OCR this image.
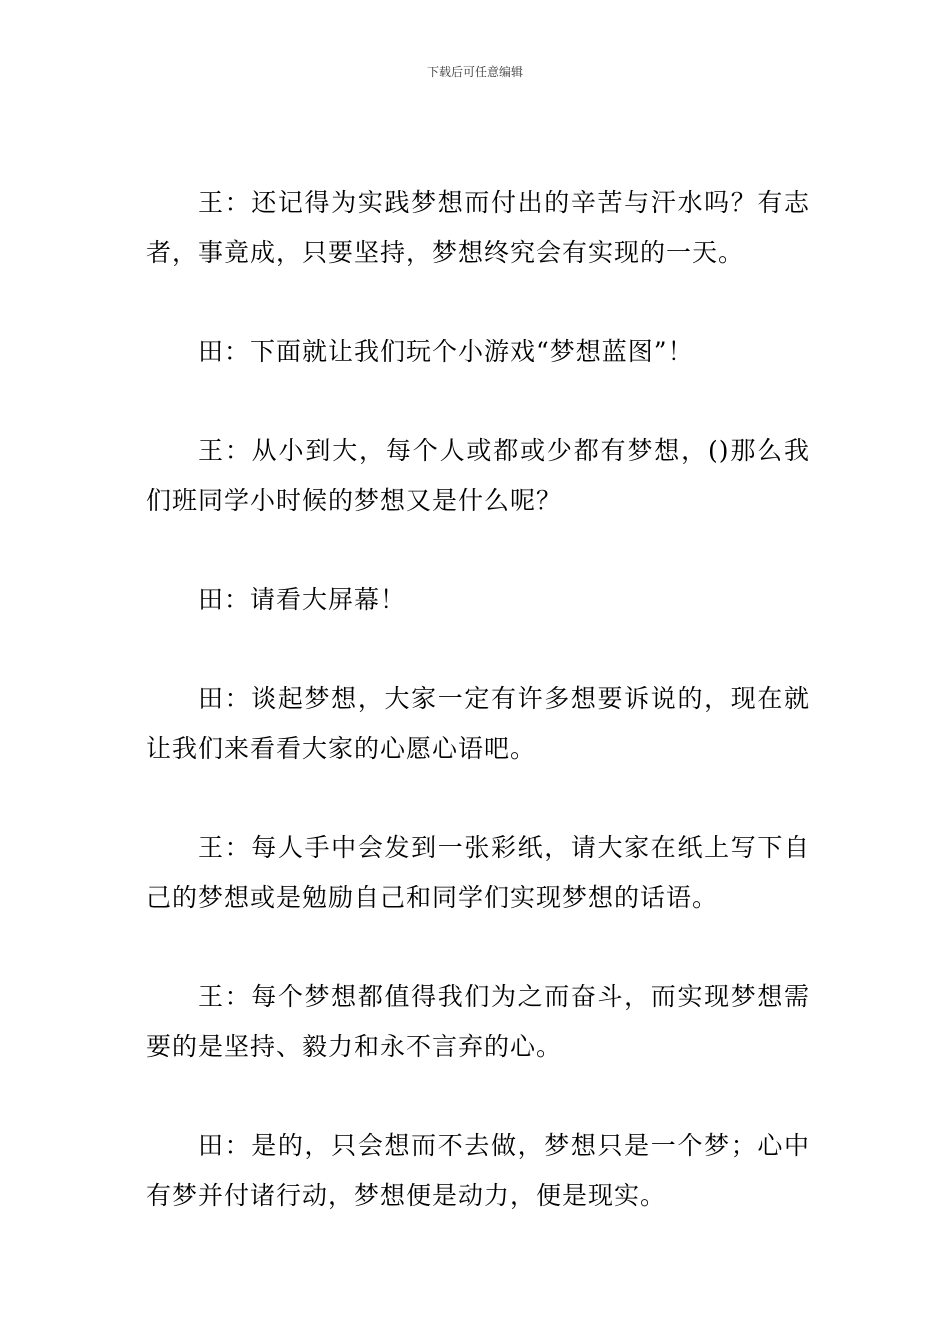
下载后可任意编辑

王：还记得为实践梦想而付出的辛苦与汗水吗？有志者，事竟成，只要坚持，梦想终究会有实现的一天。

田：下面就让我们玩个小游戏“梦想蓝图”！

王：从小到大，每个人或都或少都有梦想，()那么我们班同学小时候的梦想又是什么呢？

田：请看大屏幕！

田：谈起梦想，大家一定有许多想要诉说的，现在就让我们来看看大家的心愿心语吧。

王：每人手中会发到一张彩纸，请大家在纸上写下自己的梦想或是勉励自己和同学们实现梦想的话语。

王：每个梦想都值得我们为之而奋斗，而实现梦想需要的是坚持、毅力和永不言弃的心。

田：是的，只会想而不去做，梦想只是一个梦；心中有梦并付诸行动，梦想便是动力，便是现实。
